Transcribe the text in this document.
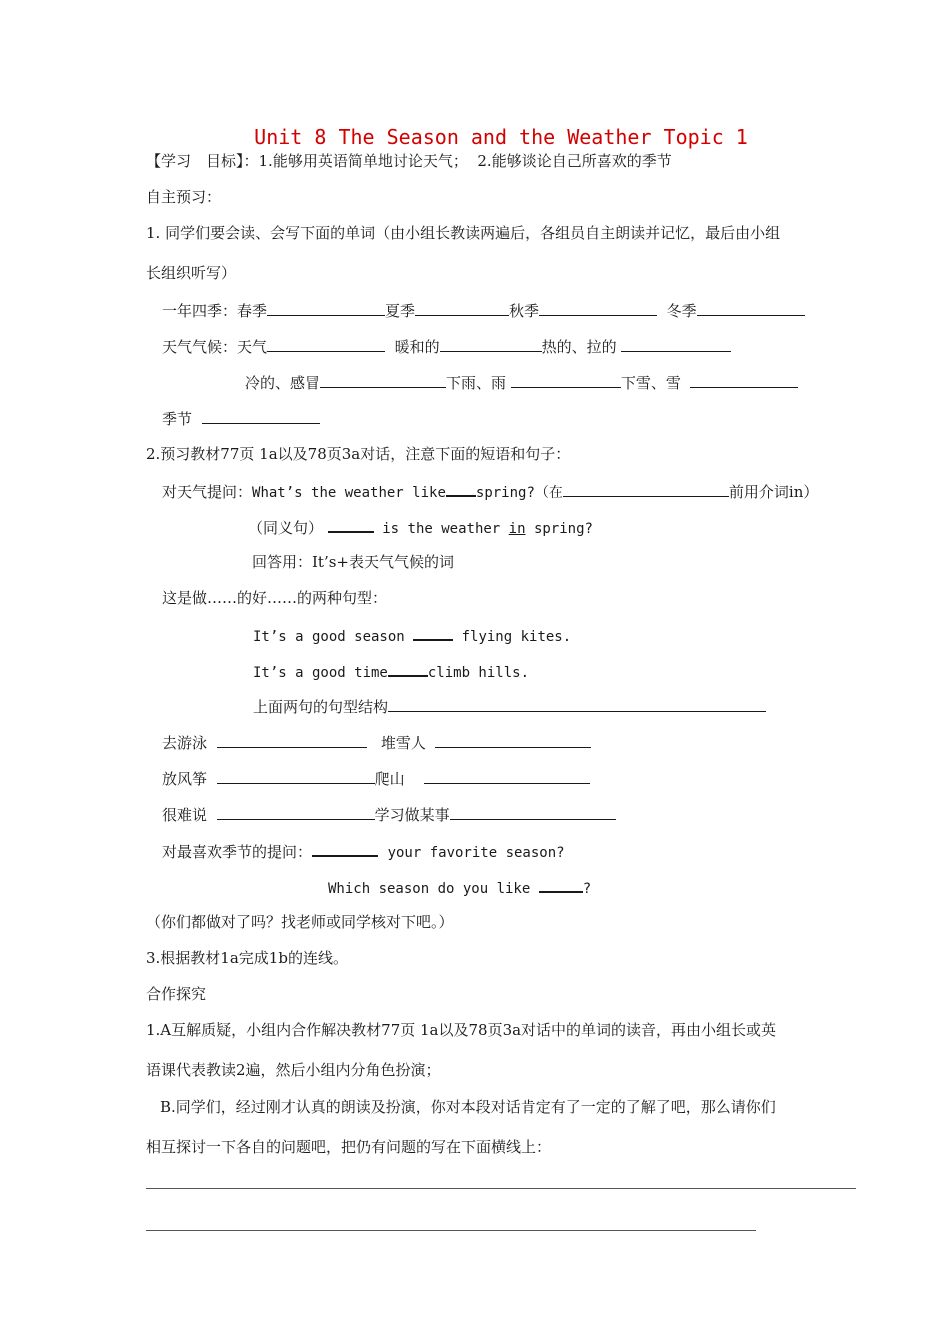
Unit 8 The Season and the Weather Topic 1
【学习　目标】：1.能够用英语简单地讨论天气； 2.能够谈论自己所喜欢的季节
自主预习：
1. 同学们要会读、会写下面的单词（由小组长教读两遍后，各组员自主朗读并记忆，最后由小组
长组织听写）
一年四季：春季	夏季	秋季	冬季
天气气候：天气	暖和的	热的、拉的
冷的、感冒	下雨、雨	下雪、雪
季节
2.预习教材77页 1a以及78页3a对话，注意下面的短语和句子：
对天气提问：What’s the weather like spring?（在	前用介词in）
（同义句）	is the weather in spring?
回答用：It’s+表天气气候的词
这是做……的好……的两种句型：
It’s a good season	flying kites.
It’s a good time	climb hills.
上面两句的句型结构
去游泳	堆雪人
放风筝	爬山
很难说	学习做某事
对最喜欢季节的提问：	your favorite season?
Which season do you like	?
（你们都做对了吗？找老师或同学核对下吧。）
3.根据教材1a完成1b的连线。
合作探究
1.A互解质疑，小组内合作解决教材77页 1a以及78页3a对话中的单词的读音，再由小组长或英
语课代表教读2遍，然后小组内分角色扮演；
B.同学们，经过刚才认真的朗读及扮演，你对本段对话肯定有了一定的了解了吧，那么请你们
相互探讨一下各自的问题吧，把仍有问题的写在下面横线上：
